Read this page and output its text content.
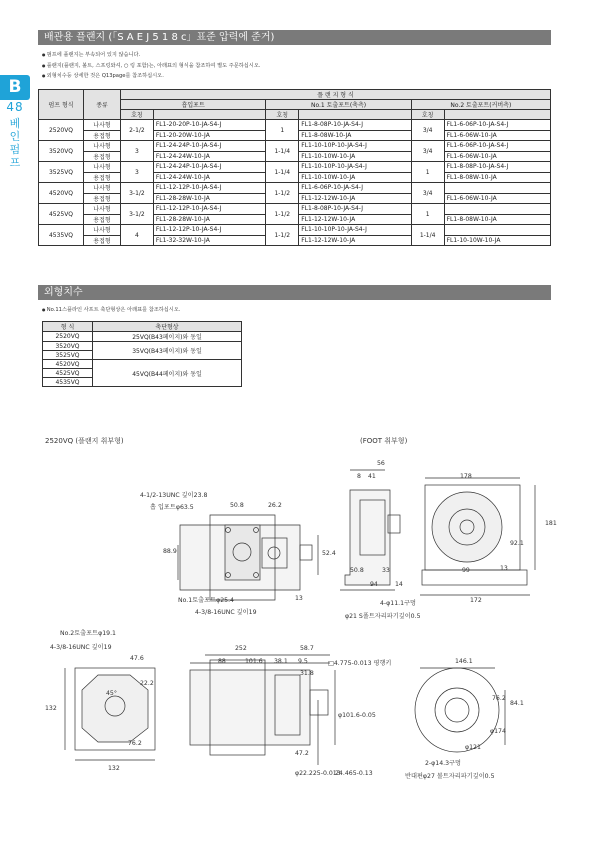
배관용 플랜지 (「S A E J 5 1 8 c」표준 압력에 준거)
● 펌프에 플랜지는 부속되어 있지 않습니다.
● 플랜지(플랜지, 볼트, 스프링와셔, ○ 링 포함)는, 아래표의 형식을 참조하여 별도 주문하십시오.
● 외형치수등 상세한 것은 Q13page를 참조하십시오.
B
48
베인펌프
펌프 형식	종류	플 랜 지 형 식					
		흡입포트		No.1 토출포트(축측)		No.2 토출포트(커버측)	
		호칭		호칭		호칭	
2520VQ	나사형	2-1/2	FL1-20-20P-10-JA-S4-J	1	FL1-8-08P-10-JA-S4-J	3/4	FL1-6-06P-10-JA-S4-J
	용접형		FL1-20-20W-10-JA		FL1-8-08W-10-JA		FL1-6-06W-10-JA
3520VQ	나사형	3	FL1-24-24P-10-JA-S4-J	1-1/4	FL1-10-10P-10-JA-S4-J	3/4	FL1-6-06P-10-JA-S4-J
	용접형		FL1-24-24W-10-JA		FL1-10-10W-10-JA		FL1-6-06W-10-JA
3525VQ	나사형	3	FL1-24-24P-10-JA-S4-J	1-1/4	FL1-10-10P-10-JA-S4-J	1	FL1-8-08P-10-JA-S4-J
	용접형		FL1-24-24W-10-JA		FL1-10-10W-10-JA		FL1-8-08W-10-JA
4520VQ	나사형	3-1/2	FL1-12-12P-10-JA-S4-J	1-1/2	FL1-6-06P-10-JA-S4-J	3/4	
	용접형		FL1-28-28W-10-JA		FL1-12-12W-10-JA		FL1-6-06W-10-JA
4525VQ	나사형	3-1/2	FL1-12-12P-10-JA-S4-J	1-1/2	FL1-8-08P-10-JA-S4-J	1	
	용접형		FL1-28-28W-10-JA		FL1-12-12W-10-JA		FL1-8-08W-10-JA
4535VQ	나사형	4	FL1-12-12P-10-JA-S4-J	1-1/2	FL1-10-10P-10-JA-S4-J	1-1/4	
	용접형		FL1-32-32W-10-JA		FL1-12-12W-10-JA		FL1-10-10W-10-JA
외형치수
● No.11스플라인 사프트 축단형상은 아래표를 참조하십시오.
형 식	축단형상
2520VQ	25VQ(B43페이지)와 동일
3520VQ	35VQ(B43페이지)와 동일
3525VQ	
4520VQ	45VQ(B44페이지)와 동일
4525VQ	
4535VQ	
2520VQ (플랜지 취부형)	(FOOT 취부형)
4-1/2-13UNC 깊이23.8
흡 입포트φ63.5	50.8	26.2
88.9	52.4
No.1토출포트φ25.4
4-3/8-16UNC 깊이19
13
No.2토출포트φ19.1
4-3/8-16UNC 깊이19
47.6
22.2
45°
132
76.2
132
252	58.7
88	101.6 38.1 9.5
31.8
□4.775-0.013 평행키
φ101.6-0.05
47.2
φ22.225-0.013
24.465-0.13
56
8 41	178
181
92.1
13
50.8	33	99
94	14
172
4-φ11.1구멍
φ21 S폴트자리파기깊이0.5
146.1
76.2
84.1
φ174
φ121
2-φ14.3구멍
반대편φ27 볼트자리파기깊이0.5
